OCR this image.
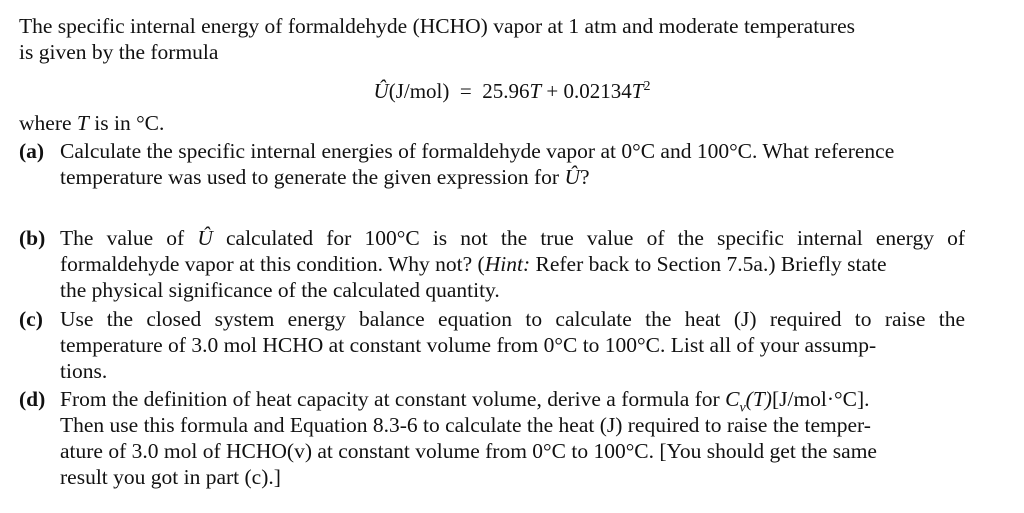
The specific internal energy of formaldehyde (HCHO) vapor at 1 atm and moderate temperatures
is given by the formula
Û(J/mol) = $25.96T + 0.02134T^2$
where T is in °C.
(a) Calculate the specific internal energies of formaldehyde vapor at 0°C and 100°C. What reference
temperature was used to generate the given expression for Û?
(b) The value of Û calculated for 100°C is not the true value of the specific internal energy of
formaldehyde vapor at this condition. Why not? (Hint: Refer back to Section 7.5a.) Briefly state
the physical significance of the calculated quantity.
(c) Use the closed system energy balance equation to calculate the heat (J) required to raise the
temperature of 3.0 mol HCHO at constant volume from 0°C to 100°C. List all of your assump-
tions.
(d) From the definition of heat capacity at constant volume, derive a formula for $C_v(T)[J/mol\cdot^\circ C]$.
Then use this formula and Equation 8.3-6 to calculate the heat (J) required to raise the temper-
ature of 3.0 mol of HCHO(v) at constant volume from 0°C to 100°C. [You should get the same
result you got in part (c).]
